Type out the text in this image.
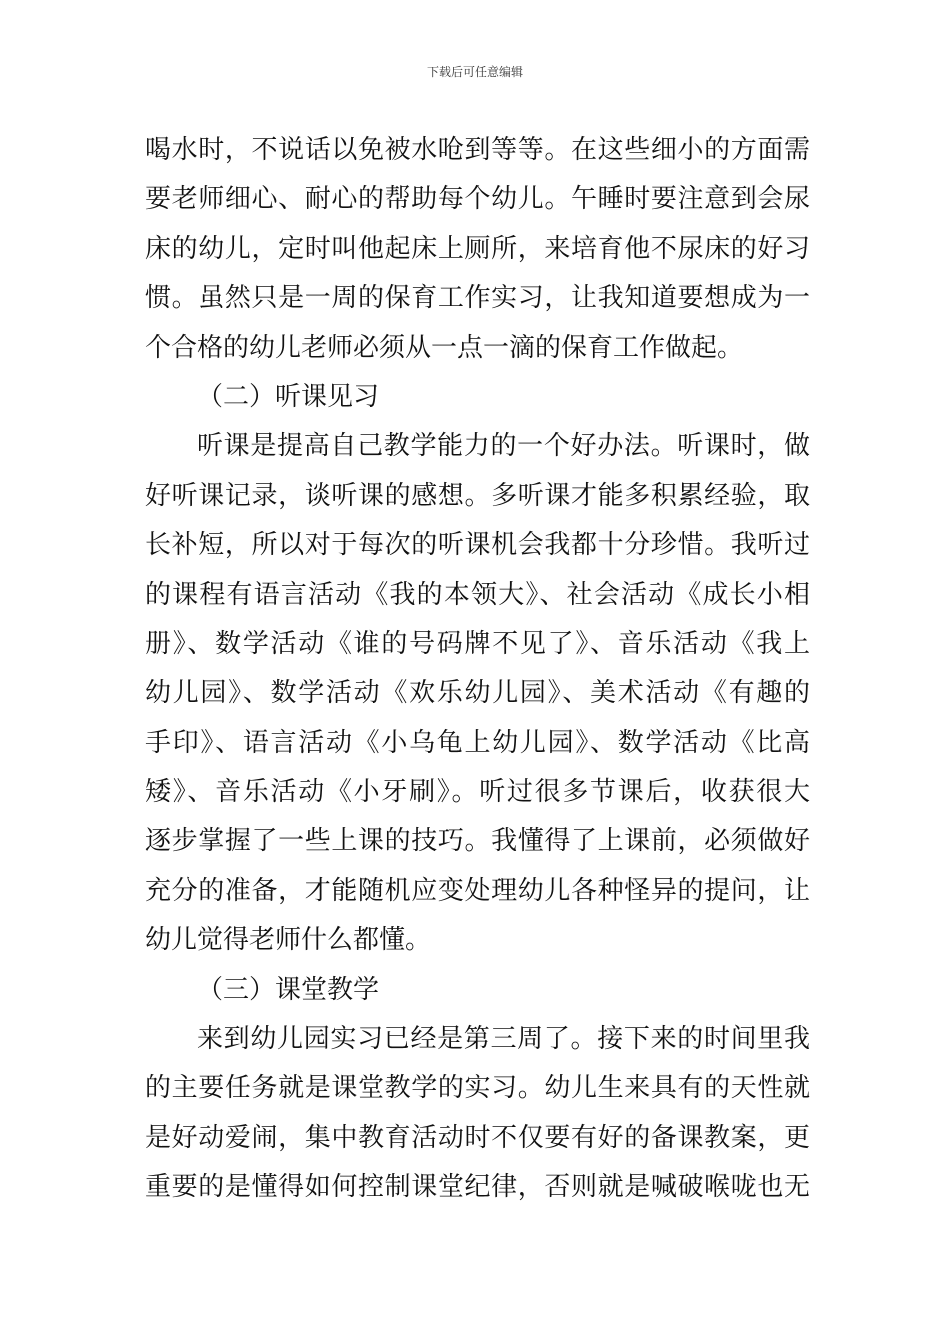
下载后可任意编辑
喝水时，不说话以免被水呛到等等。在这些细小的方面需
要老师细心、耐心的帮助每个幼儿。午睡时要注意到会尿
床的幼儿，定时叫他起床上厕所，来培育他不尿床的好习
惯。虽然只是一周的保育工作实习，让我知道要想成为一
个合格的幼儿老师必须从一点一滴的保育工作做起。
（二）听课见习
听课是提高自己教学能力的一个好办法。听课时，做
好听课记录，谈听课的感想。多听课才能多积累经验，取
长补短，所以对于每次的听课机会我都十分珍惜。我听过
的课程有语言活动《我的本领大》、社会活动《成长小相
册》、数学活动《谁的号码牌不见了》、音乐活动《我上
幼儿园》、数学活动《欢乐幼儿园》、美术活动《有趣的
手印》、语言活动《小乌龟上幼儿园》、数学活动《比高
矮》、音乐活动《小牙刷》。听过很多节课后，收获很大
逐步掌握了一些上课的技巧。我懂得了上课前，必须做好
充分的准备，才能随机应变处理幼儿各种怪异的提问，让
幼儿觉得老师什么都懂。
（三）课堂教学
来到幼儿园实习已经是第三周了。接下来的时间里我
的主要任务就是课堂教学的实习。幼儿生来具有的天性就
是好动爱闹，集中教育活动时不仅要有好的备课教案，更
重要的是懂得如何控制课堂纪律，否则就是喊破喉咙也无
